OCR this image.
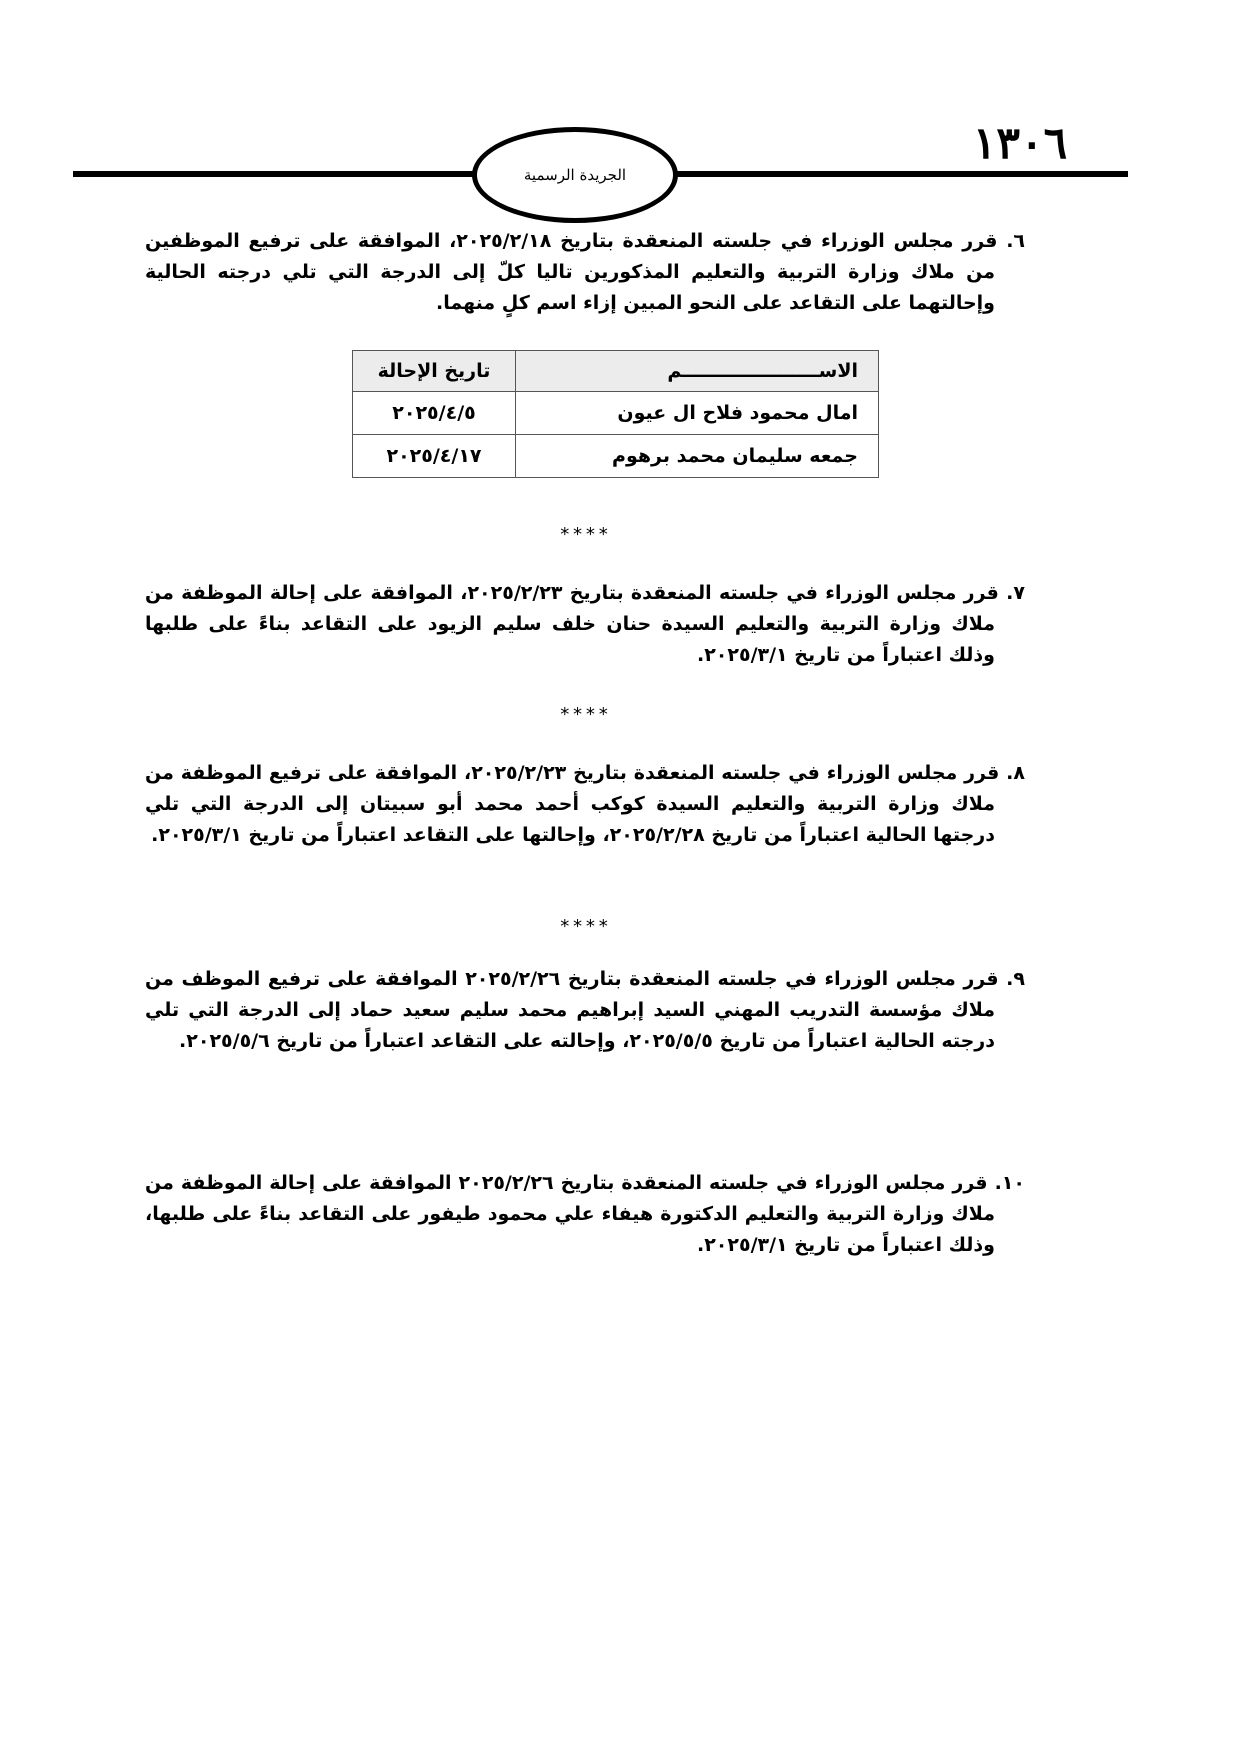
الجريدة الرسمية
١٣٠٦

٦. قرر مجلس الوزراء في جلسته المنعقدة بتاريخ ٢٠٢٥/٢/١٨، الموافقة على ترفيع الموظفين من ملاك وزارة التربية والتعليم المذكورين تاليا كلّ إلى الدرجة التي تلي درجته الحالية وإحالتهما على التقاعد على النحو المبين إزاء اسم كلٍ منهما.

الاســـــــــــــــــــــم	تاريخ الإحالة
امال محمود فلاح ال عيون	٢٠٢٥/٤/٥
جمعه سليمان محمد برهوم	٢٠٢٥/٤/١٧

****

٧. قرر مجلس الوزراء في جلسته المنعقدة بتاريخ ٢٠٢٥/٢/٢٣، الموافقة على إحالة الموظفة من ملاك وزارة التربية والتعليم السيدة حنان خلف سليم الزيود على التقاعد بناءً على طلبها وذلك اعتباراً من تاريخ ٢٠٢٥/٣/١.

****

٨. قرر مجلس الوزراء في جلسته المنعقدة بتاريخ ٢٠٢٥/٢/٢٣، الموافقة على ترفيع الموظفة من ملاك وزارة التربية والتعليم السيدة كوكب أحمد محمد أبو سبيتان إلى الدرجة التي تلي درجتها الحالية اعتباراً من تاريخ ٢٠٢٥/٢/٢٨، وإحالتها على التقاعد اعتباراً من تاريخ ٢٠٢٥/٣/١.

****

٩. قرر مجلس الوزراء في جلسته المنعقدة بتاريخ ٢٠٢٥/٢/٢٦ الموافقة على ترفيع الموظف من ملاك مؤسسة التدريب المهني السيد إبراهيم محمد سليم سعيد حماد إلى الدرجة التي تلي درجته الحالية اعتباراً من تاريخ ٢٠٢٥/٥/٥، وإحالته على التقاعد اعتباراً من تاريخ ٢٠٢٥/٥/٦.

١٠. قرر مجلس الوزراء في جلسته المنعقدة بتاريخ ٢٠٢٥/٢/٢٦ الموافقة على إحالة الموظفة من ملاك وزارة التربية والتعليم الدكتورة هيفاء علي محمود طيفور على التقاعد بناءً على طلبها، وذلك اعتباراً من تاريخ ٢٠٢٥/٣/١.
